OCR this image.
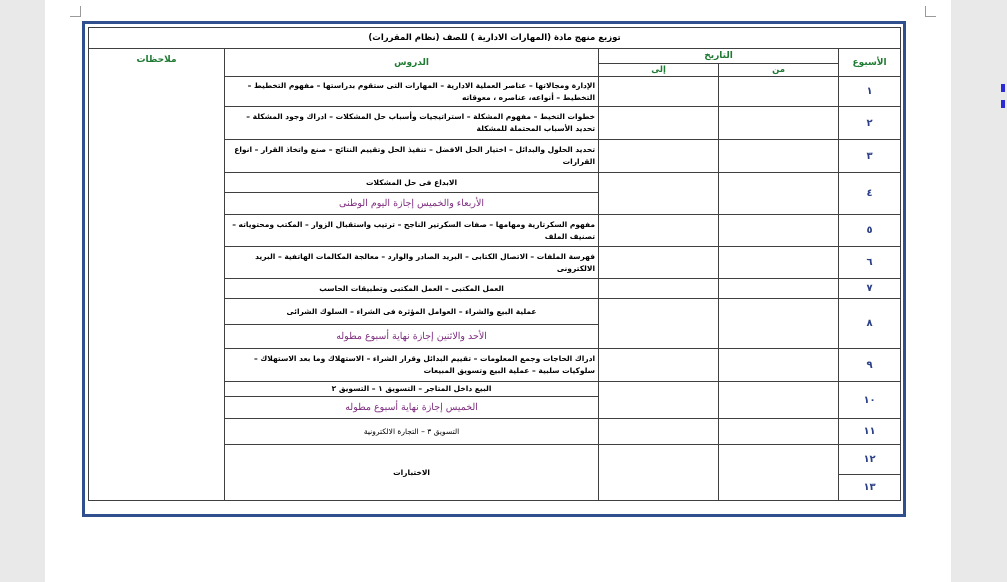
توزيع منهج مادة (المهارات الادارية ) للصف (نظام المقررات)				
الأسبوع	التاريخ		الدروس	ملاحظات
	من	إلى		
١			الإدارة ومجالاتها – عناصر العملية الادارية – المهارات التى ستقوم بدراستها – مفهوم التخطيط – التخطيط – أنواعه، عناصره ، معوقاته	
٢			خطوات التخيط – مفهوم المشكلة – استراتيجيات وأسباب حل المشكلات – ادراك وجود المشكلة – تحديد الأسباب المحتملة للمشكلة	
٣			تحديد الحلول والبدائل – اختيار الحل الافضل – تنفيذ الحل وتقييم النتائج – صنع واتخاذ القرار – انواع القرارات	
٤			الابداع فى حل المشكلات	
			الأربعاء والخميس إجازة اليوم الوطنى	
٥			مفهوم السكرتارية ومهامها – صفات السكرتير الناجح – ترتيب واستقبال الزوار – المكتب ومحتوياته – تصنيف الملف	
٦			فهرسة الملفات – الاتصال الكتابى – البريد الصادر والوارد – معالجة المكالمات الهاتفية – البريد الالكترونى	
٧			العمل المكتبى – العمل المكتبى وتطبيقات الحاسب	
٨			عملية البيع والشراء – العوامل المؤثرة فى الشراء – السلوك الشرائى	
			الأحد والاثنين إجازة نهاية أسبوع مطوله	
٩			ادراك الحاجات وجمع المعلومات – تقييم البدائل وقرار الشراء – الاستهلاك وما بعد الاستهلاك – سلوكيات سلبية – عملية البيع وتسويق المبيعات	
١٠			البيع داخل المتاجر – التسويق ١ – التسويق ٢	
			الخميس إجازة نهاية أسبوع مطوله	
١١			التسويق ٣ – التجارة الالكترونية	
١٢			الاختبارات	
١٣				
